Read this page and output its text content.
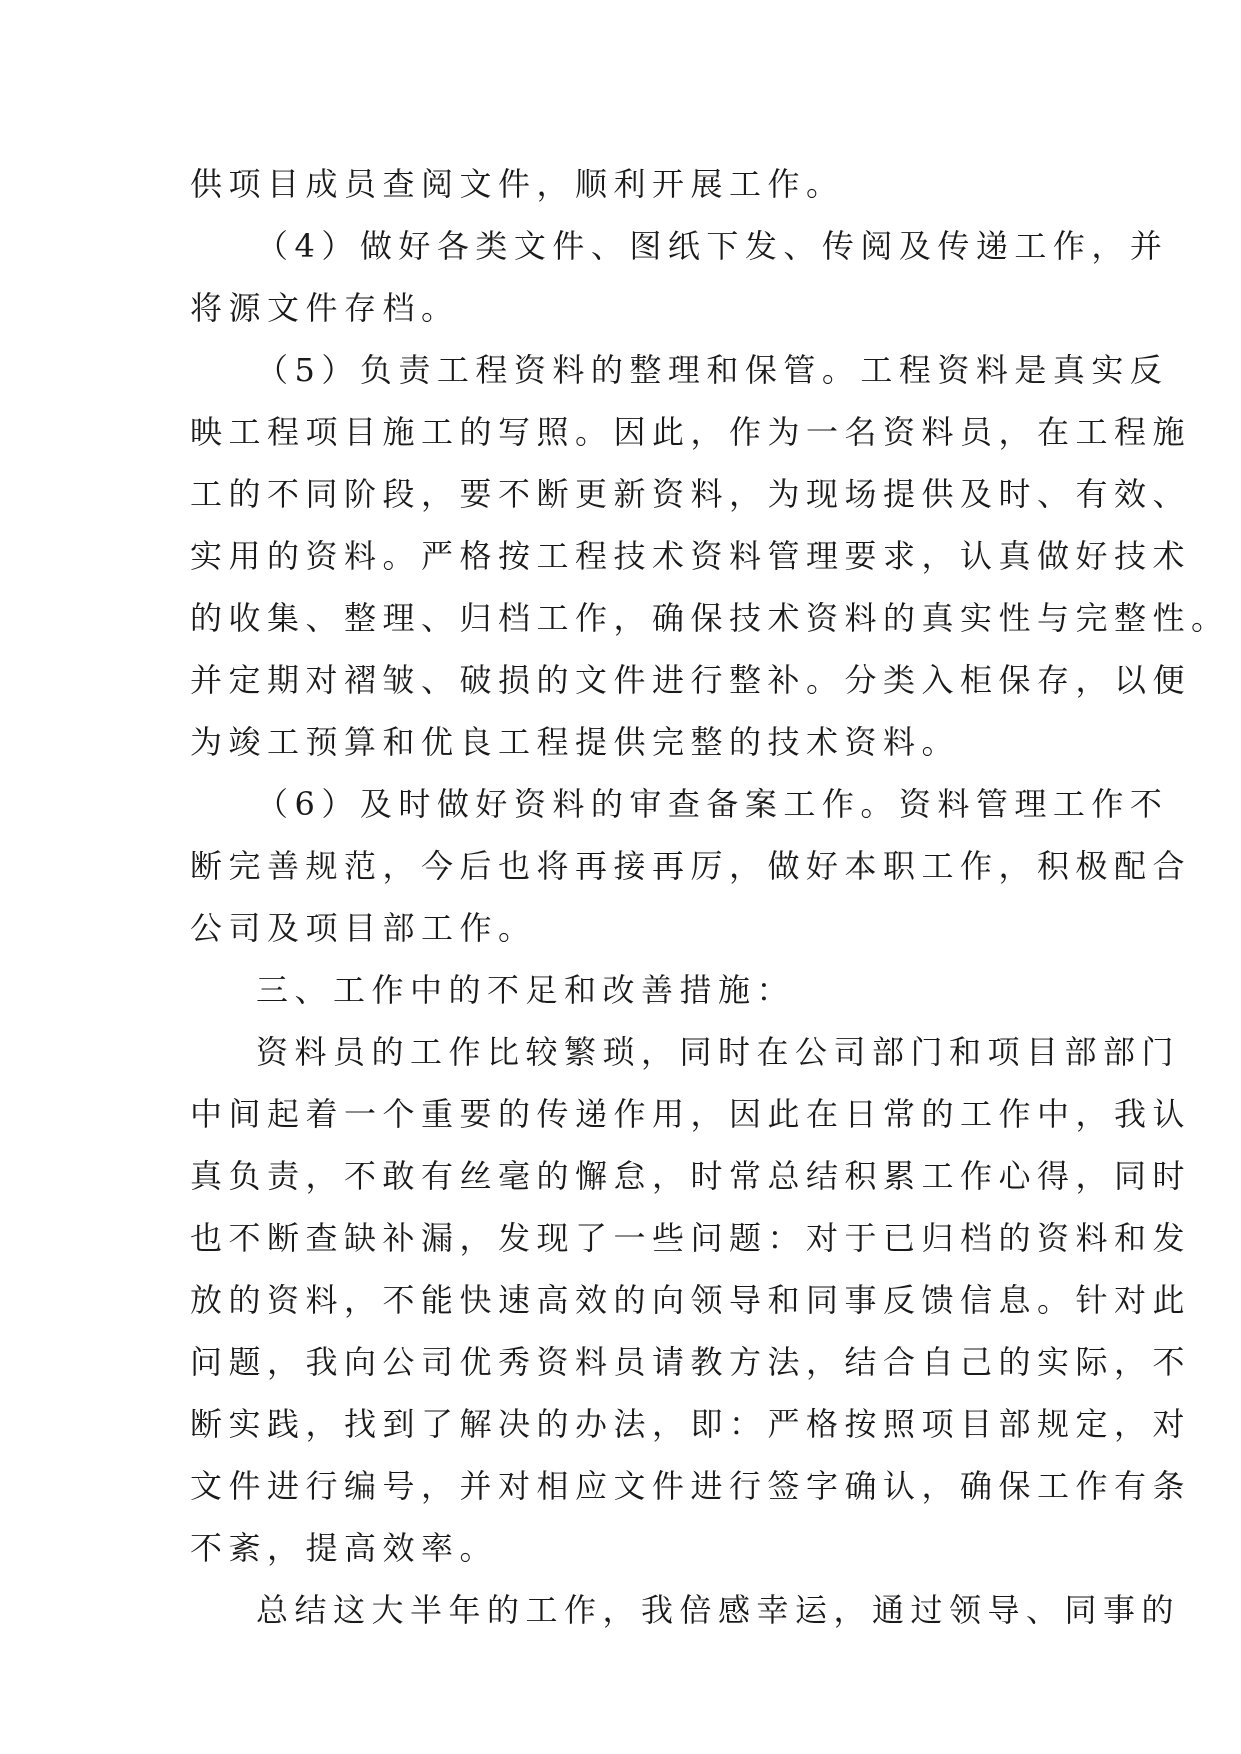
供项目成员查阅文件，顺利开展工作。
（4）做好各类文件、图纸下发、传阅及传递工作，并
将源文件存档。
（5）负责工程资料的整理和保管。工程资料是真实反
映工程项目施工的写照。因此，作为一名资料员，在工程施
工的不同阶段，要不断更新资料，为现场提供及时、有效、
实用的资料。严格按工程技术资料管理要求，认真做好技术
的收集、整理、归档工作，确保技术资料的真实性与完整性。
并定期对褶皱、破损的文件进行整补。分类入柜保存，以便
为竣工预算和优良工程提供完整的技术资料。
（6）及时做好资料的审查备案工作。资料管理工作不
断完善规范，今后也将再接再厉，做好本职工作，积极配合
公司及项目部工作。
三、工作中的不足和改善措施：
资料员的工作比较繁琐，同时在公司部门和项目部部门
中间起着一个重要的传递作用，因此在日常的工作中，我认
真负责，不敢有丝毫的懈怠，时常总结积累工作心得，同时
也不断查缺补漏，发现了一些问题：对于已归档的资料和发
放的资料，不能快速高效的向领导和同事反馈信息。针对此
问题，我向公司优秀资料员请教方法，结合自己的实际，不
断实践，找到了解决的办法，即：严格按照项目部规定，对
文件进行编号，并对相应文件进行签字确认，确保工作有条
不紊，提高效率。
总结这大半年的工作，我倍感幸运，通过领导、同事的
